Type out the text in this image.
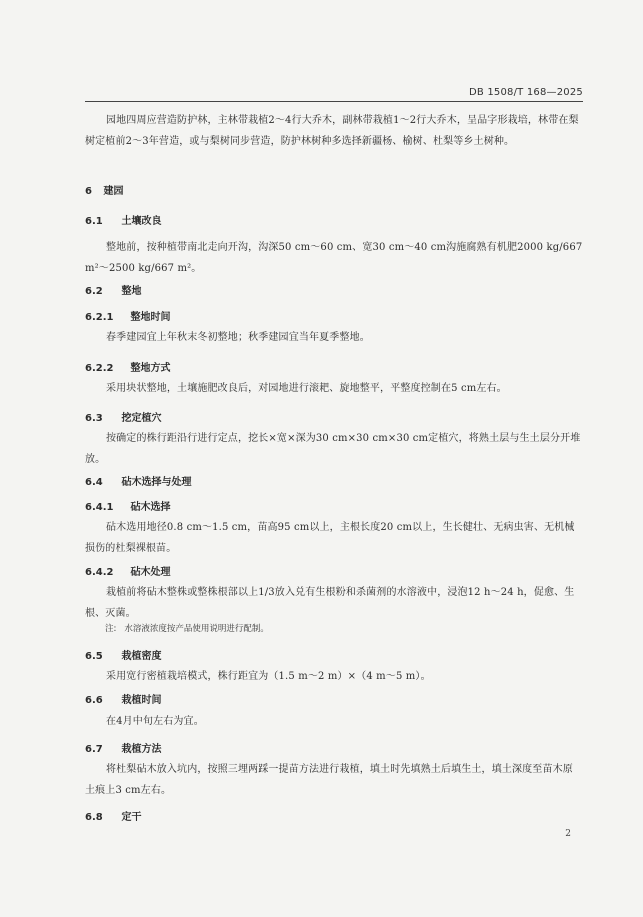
DB 1508/T 168—2025
园地四周应营造防护林，主林带栽植2～4行大乔木，副林带栽植1～2行大乔木，呈品字形栽培，林带在梨树定植前2～3年营造，或与梨树同步营造，防护林树种多选择新疆杨、榆树、杜梨等乡土树种。
6 建园
6.1 土壤改良
整地前，按种植带南北走向开沟，沟深50 cm～60 cm、宽30 cm～40 cm沟施腐熟有机肥2000 kg/667 m²～2500 kg/667 m²。
6.2 整地
6.2.1 整地时间
春季建园宜上年秋末冬初整地；秋季建园宜当年夏季整地。
6.2.2 整地方式
采用块状整地，土壤施肥改良后，对园地进行滚耙、旋地整平，平整度控制在5 cm左右。
6.3 挖定植穴
按确定的株行距沿行进行定点，挖长×宽×深为30 cm×30 cm×30 cm定植穴，将熟土层与生土层分开堆放。
6.4 砧木选择与处理
6.4.1 砧木选择
砧木选用地径0.8 cm～1.5 cm，苗高95 cm以上，主根长度20 cm以上，生长健壮、无病虫害、无机械损伤的杜梨裸根苗。
6.4.2 砧木处理
栽植前将砧木整株或整株根部以上1/3放入兑有生根粉和杀菌剂的水溶液中，浸泡12 h～24 h，促愈、生根、灭菌。
注: 水溶液浓度按产品使用说明进行配制。
6.5 栽植密度
采用宽行密植栽培模式，株行距宜为（1.5 m～2 m）×（4 m～5 m）。
6.6 栽植时间
在4月中旬左右为宜。
6.7 栽植方法
将杜梨砧木放入坑内，按照三埋两踩一提苗方法进行栽植，填土时先填熟土后填生土，填土深度至苗木原土痕上3 cm左右。
6.8 定干
2
